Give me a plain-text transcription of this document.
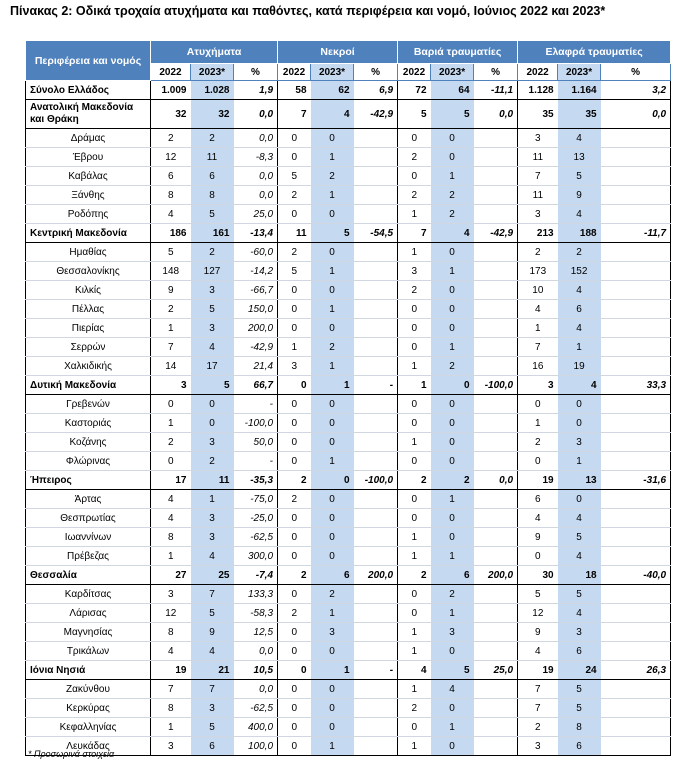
Πίνακας 2: Οδικά τροχαία ατυχήματα και παθόντες, κατά περιφέρεια και νομό, Ιούνιος 2022 και 2023*
Περιφέρεια και νομός	Ατυχήματα			Νεκροί			Βαριά τραυματίες			Ελαφρά τραυματίες		
	2022	2023*	%	2022	2023*	%	2022	2023*	%	2022	2023*	%
Σύνολο Ελλάδος	1.009	1.028	1,9	58	62	6,9	72	64	-11,1	1.128	1.164	3,2
Ανατολική Μακεδονία και Θράκη	32	32	0,0	7	4	-42,9	5	5	0,0	35	35	0,0
Δράμας	2	2	0,0	0	0		0	0		3	4	
Έβρου	12	11	-8,3	0	1		2	0		11	13	
Καβάλας	6	6	0,0	5	2		0	1		7	5	
Ξάνθης	8	8	0,0	2	1		2	2		11	9	
Ροδόπης	4	5	25,0	0	0		1	2		3	4	
Κεντρική Μακεδονία	186	161	-13,4	11	5	-54,5	7	4	-42,9	213	188	-11,7
Ημαθίας	5	2	-60,0	2	0		1	0		2	2	
Θεσσαλονίκης	148	127	-14,2	5	1		3	1		173	152	
Κιλκίς	9	3	-66,7	0	0		2	0		10	4	
Πέλλας	2	5	150,0	0	1		0	0		4	6	
Πιερίας	1	3	200,0	0	0		0	0		1	4	
Σερρών	7	4	-42,9	1	2		0	1		7	1	
Χαλκιδικής	14	17	21,4	3	1		1	2		16	19	
Δυτική Μακεδονία	3	5	66,7	0	1	-	1	0	-100,0	3	4	33,3
Γρεβενών	0	0	-	0	0		0	0		0	0	
Καστοριάς	1	0	-100,0	0	0		0	0		1	0	
Κοζάνης	2	3	50,0	0	0		1	0		2	3	
Φλώρινας	0	2	-	0	1		0	0		0	1	
Ήπειρος	17	11	-35,3	2	0	-100,0	2	2	0,0	19	13	-31,6
Άρτας	4	1	-75,0	2	0		0	1		6	0	
Θεσπρωτίας	4	3	-25,0	0	0		0	0		4	4	
Ιωαννίνων	8	3	-62,5	0	0		1	0		9	5	
Πρέβεζας	1	4	300,0	0	0		1	1		0	4	
Θεσσαλία	27	25	-7,4	2	6	200,0	2	6	200,0	30	18	-40,0
Καρδίτσας	3	7	133,3	0	2		0	2		5	5	
Λάρισας	12	5	-58,3	2	1		0	1		12	4	
Μαγνησίας	8	9	12,5	0	3		1	3		9	3	
Τρικάλων	4	4	0,0	0	0		1	0		4	6	
Ιόνια Νησιά	19	21	10,5	0	1	-	4	5	25,0	19	24	26,3
Ζακύνθου	7	7	0,0	0	0		1	4		7	5	
Κερκύρας	8	3	-62,5	0	0		2	0		7	5	
Κεφαλληνίας	1	5	400,0	0	0		0	1		2	8	
Λευκάδας	3	6	100,0	0	1		1	0		3	6	
* Προσωρινά στοιχεία
